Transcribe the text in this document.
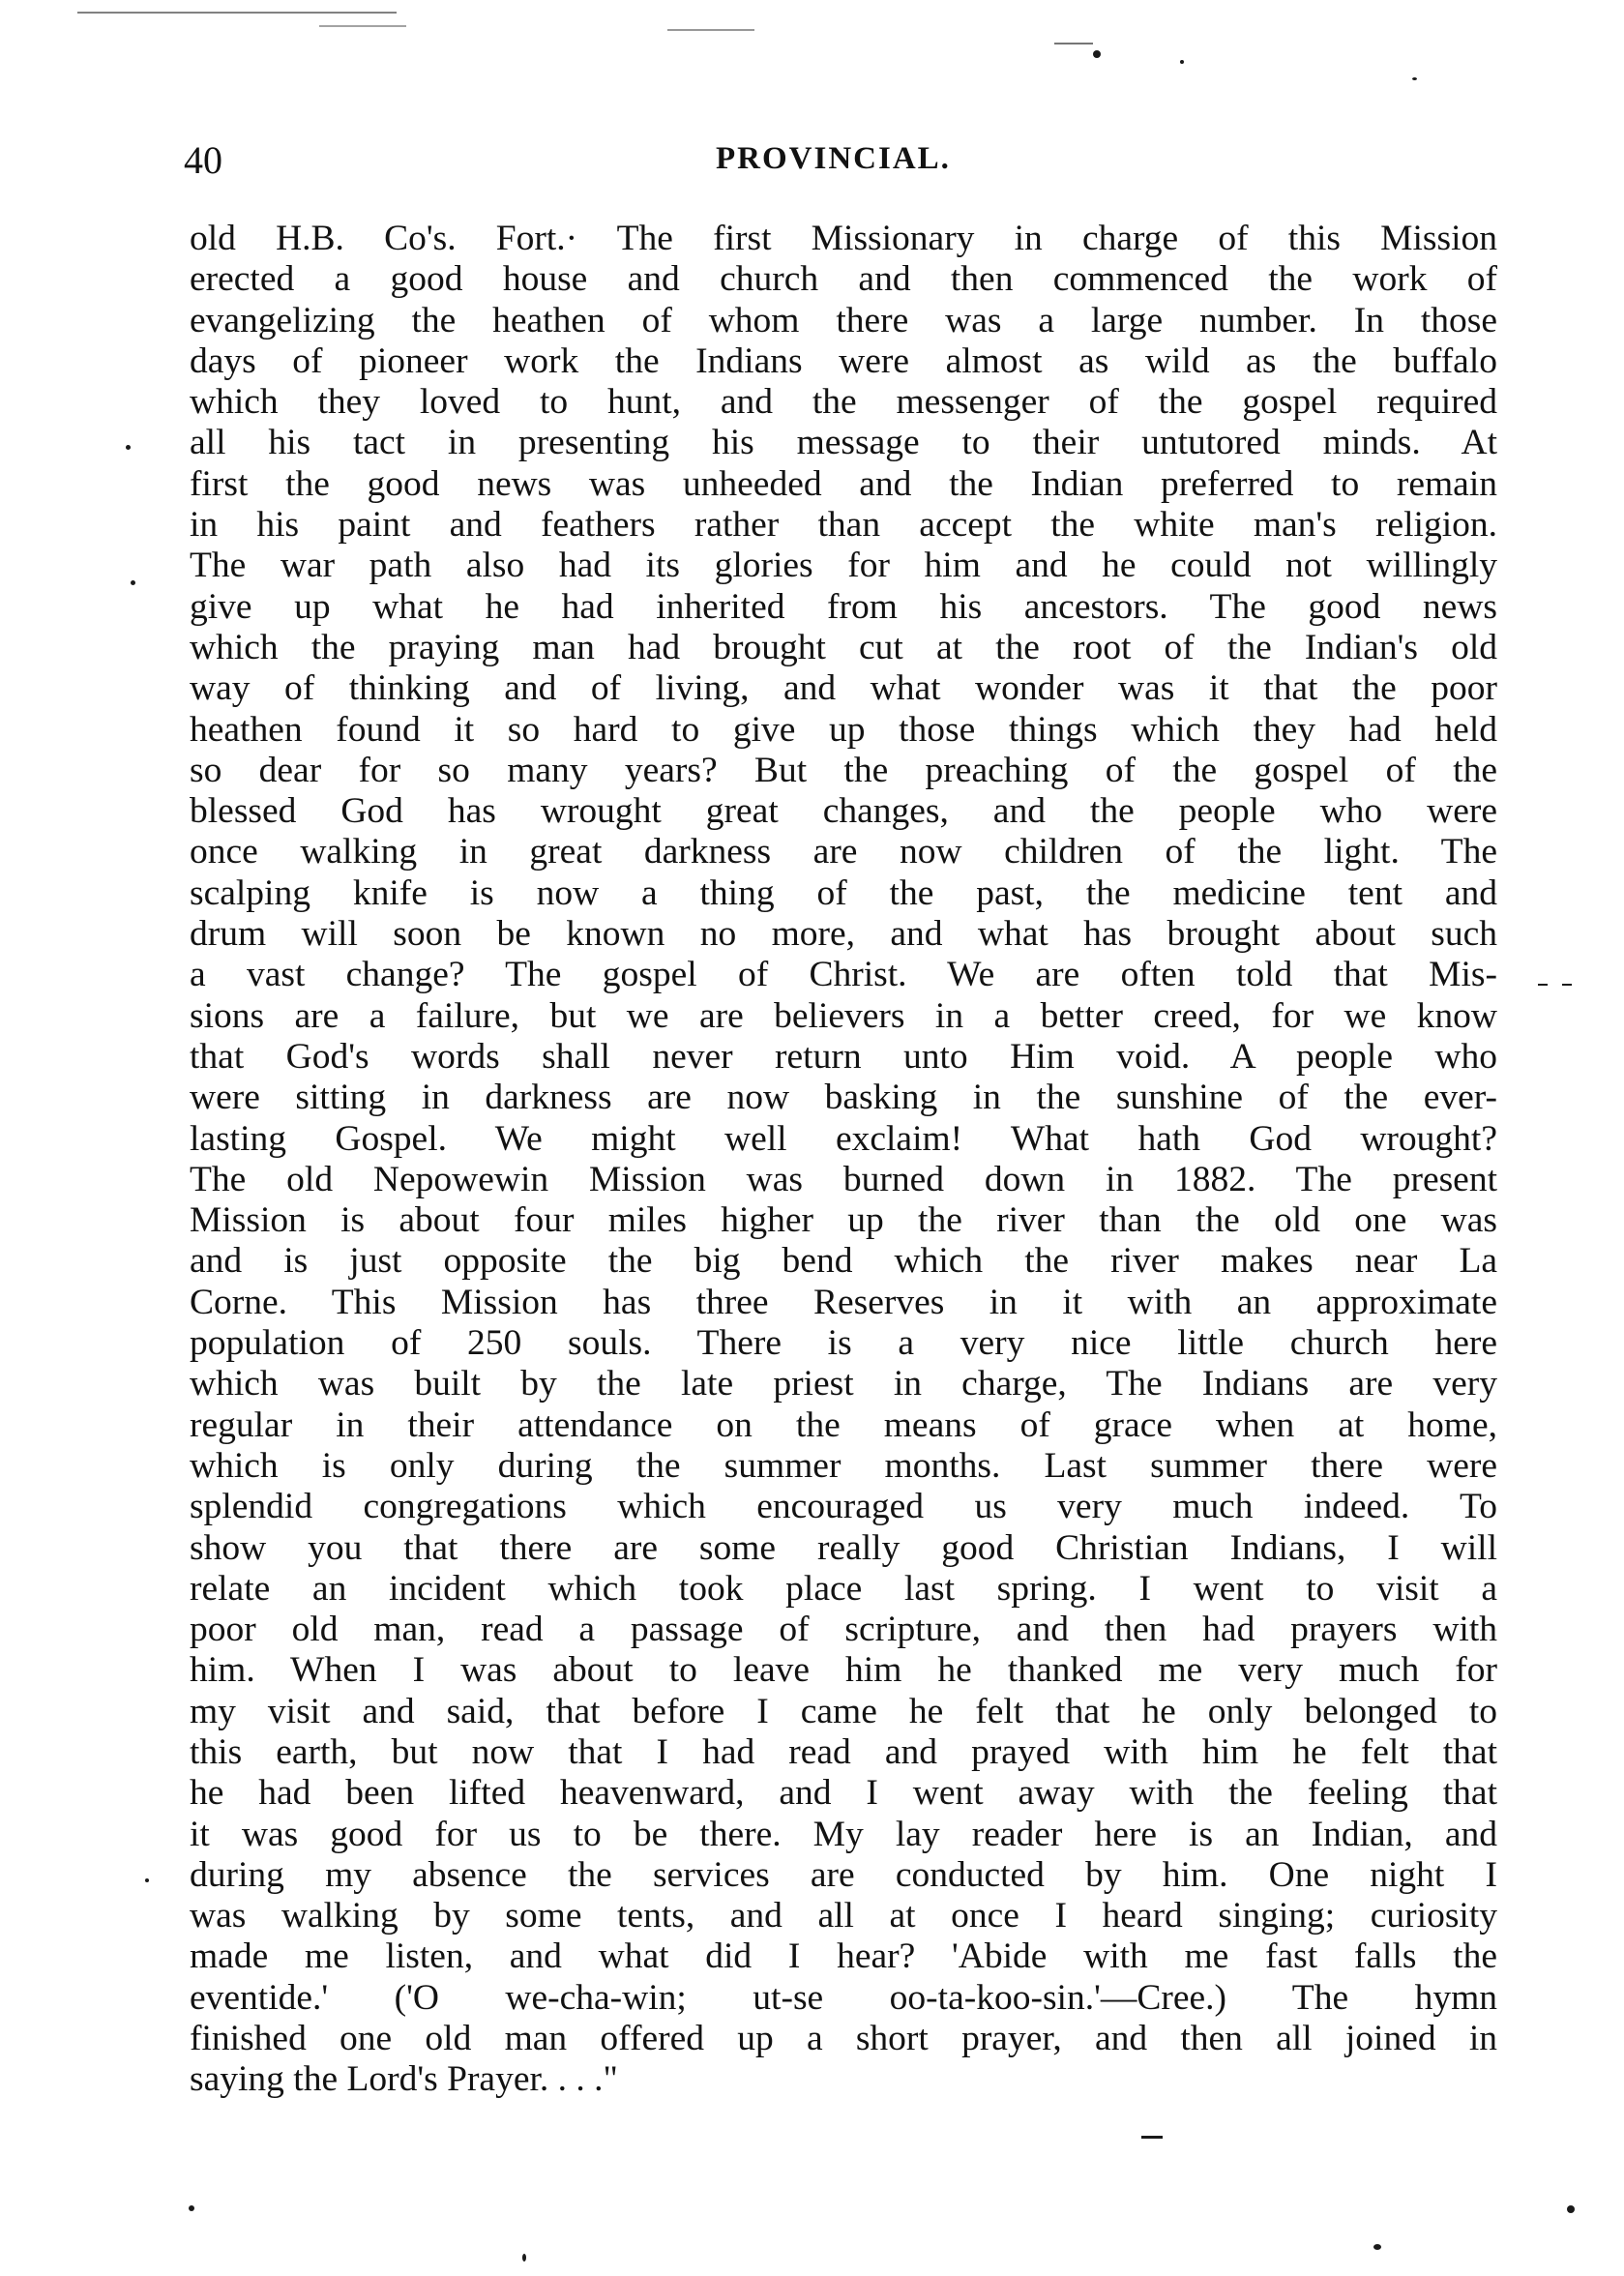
40	PROVINCIAL.
old H.B. Co's. Fort.· The first Missionary in charge of this Mission
erected a good house and church and then commenced the work of
evangelizing the heathen of whom there was a large number. In those
days of pioneer work the Indians were almost as wild as the buffalo
which they loved to hunt, and the messenger of the gospel required
all his tact in presenting his message to their untutored minds. At
first the good news was unheeded and the Indian preferred to remain
in his paint and feathers rather than accept the white man's religion.
The war path also had its glories for him and he could not willingly
give up what he had inherited from his ancestors. The good news
which the praying man had brought cut at the root of the Indian's old
way of thinking and of living, and what wonder was it that the poor
heathen found it so hard to give up those things which they had held
so dear for so many years? But the preaching of the gospel of the
blessed God has wrought great changes, and the people who were
once walking in great darkness are now children of the light. The
scalping knife is now a thing of the past, the medicine tent and
drum will soon be known no more, and what has brought about such
a vast change? The gospel of Christ. We are often told that Mis-
sions are a failure, but we are believers in a better creed, for we know
that God's words shall never return unto Him void. A people who
were sitting in darkness are now basking in the sunshine of the ever-
lasting Gospel. We might well exclaim! What hath God wrought?
The old Nepowewin Mission was burned down in 1882. The present
Mission is about four miles higher up the river than the old one was
and is just opposite the big bend which the river makes near La
Corne. This Mission has three Reserves in it with an approximate
population of 250 souls. There is a very nice little church here
which was built by the late priest in charge, The Indians are very
regular in their attendance on the means of grace when at home,
which is only during the summer months. Last summer there were
splendid congregations which encouraged us very much indeed. To
show you that there are some really good Christian Indians, I will
relate an incident which took place last spring. I went to visit a
poor old man, read a passage of scripture, and then had prayers with
him. When I was about to leave him he thanked me very much for
my visit and said, that before I came he felt that he only belonged to
this earth, but now that I had read and prayed with him he felt that
he had been lifted heavenward, and I went away with the feeling that
it was good for us to be there. My lay reader here is an Indian, and
during my absence the services are conducted by him. One night I
was walking by some tents, and all at once I heard singing; curiosity
made me listen, and what did I hear? 'Abide with me fast falls the
eventide.' ('O we-cha-win; ut-se oo-ta-koo-sin.'—Cree.) The hymn
finished one old man offered up a short prayer, and then all joined in
saying the Lord's Prayer. . . ."
